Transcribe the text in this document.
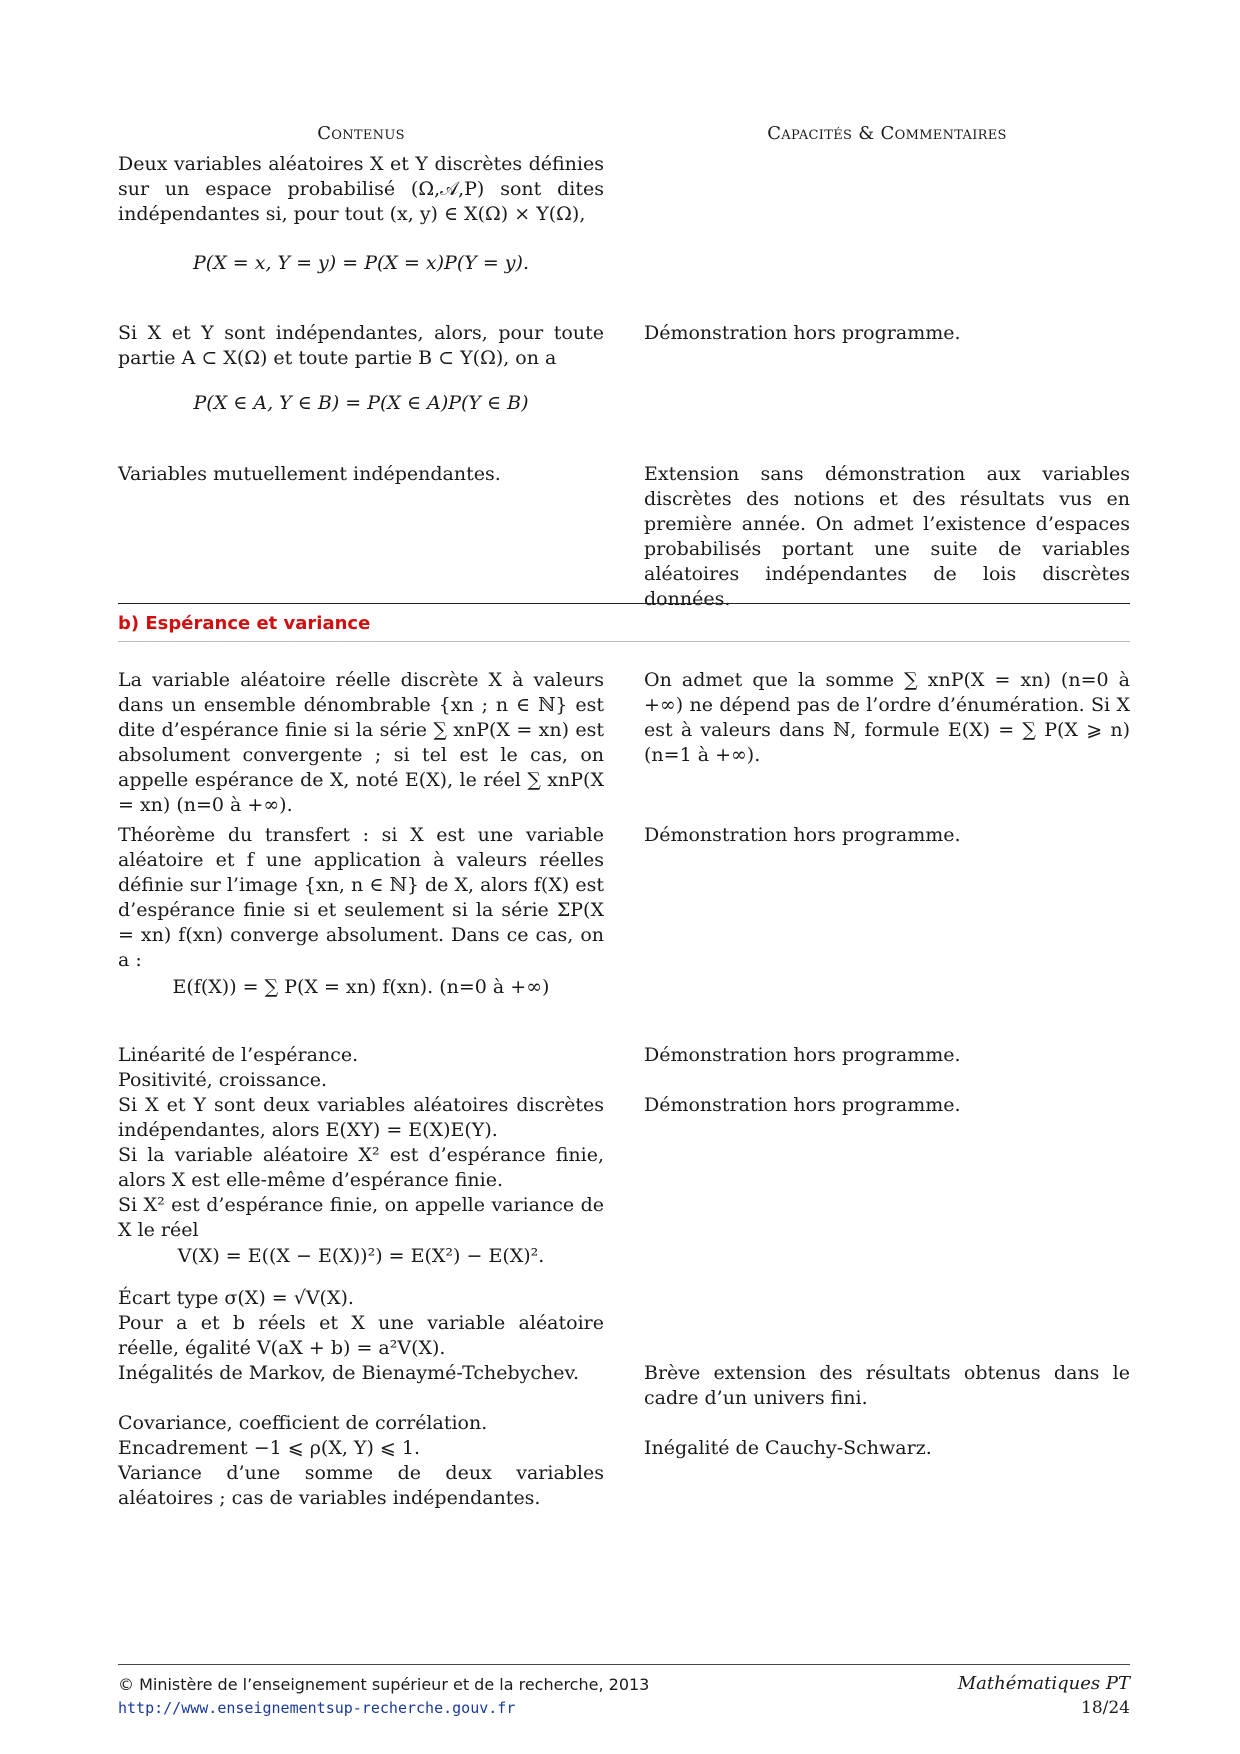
Contenus	Capacités & Commentaires
Deux variables aléatoires X et Y discrètes définies sur un espace probabilisé (Ω,𝒜,P) sont dites indépendantes si, pour tout (x, y) ∈ X(Ω) × Y(Ω),
P(X = x, Y = y) = P(X = x)P(Y = y).
Si X et Y sont indépendantes, alors, pour toute partie A ⊂ X(Ω) et toute partie B ⊂ Y(Ω), on a
P(X ∈ A, Y ∈ B) = P(X ∈ A)P(Y ∈ B)
Démonstration hors programme.
Variables mutuellement indépendantes.	Extension sans démonstration aux variables discrètes des notions et des résultats vus en première année. On admet l’existence d’espaces probabilisés portant une suite de variables aléatoires indépendantes de lois discrètes données.
b) Espérance et variance
La variable aléatoire réelle discrète X à valeurs dans un ensemble dénombrable {xn ; n ∈ ℕ} est dite d’espérance finie si la série ∑ xnP(X = xn) est absolument convergente ; si tel est le cas, on appelle espérance de X, noté E(X), le réel ∑ xnP(X = xn) (n=0 à +∞).
On admet que la somme ∑ xnP(X = xn) (n=0 à +∞) ne dépend pas de l’ordre d’énumération. Si X est à valeurs dans ℕ, formule E(X) = ∑ P(X ⩾ n) (n=1 à +∞).
Théorème du transfert : si X est une variable aléatoire et f une application à valeurs réelles définie sur l’image {xn, n ∈ ℕ} de X, alors f(X) est d’espérance finie si et seulement si la série ΣP(X = xn) f(xn) converge absolument. Dans ce cas, on a :
E(f(X)) = ∑ P(X = xn) f(xn). (n=0 à +∞)
Démonstration hors programme.
Linéarité de l’espérance.
Positivité, croissance.
Si X et Y sont deux variables aléatoires discrètes indépendantes, alors E(XY) = E(X)E(Y).
Si la variable aléatoire X² est d’espérance finie, alors X est elle-même d’espérance finie.
Si X² est d’espérance finie, on appelle variance de X le réel
V(X) = E((X − E(X))²) = E(X²) − E(X)².
Écart type σ(X) = √V(X).
Pour a et b réels et X une variable aléatoire réelle, égalité V(aX + b) = a²V(X).
Inégalités de Markov, de Bienaymé-Tchebychev.
Covariance, coefficient de corrélation.
Encadrement −1 ⩽ ρ(X, Y) ⩽ 1.
Variance d’une somme de deux variables aléatoires ; cas de variables indépendantes.
Démonstration hors programme.
Démonstration hors programme.
Brève extension des résultats obtenus dans le cadre d’un univers fini.
Inégalité de Cauchy-Schwarz.
© Ministère de l’enseignement supérieur et de la recherche, 2013
http://www.enseignementsup-recherche.gouv.fr
Mathématiques PT
18/24
